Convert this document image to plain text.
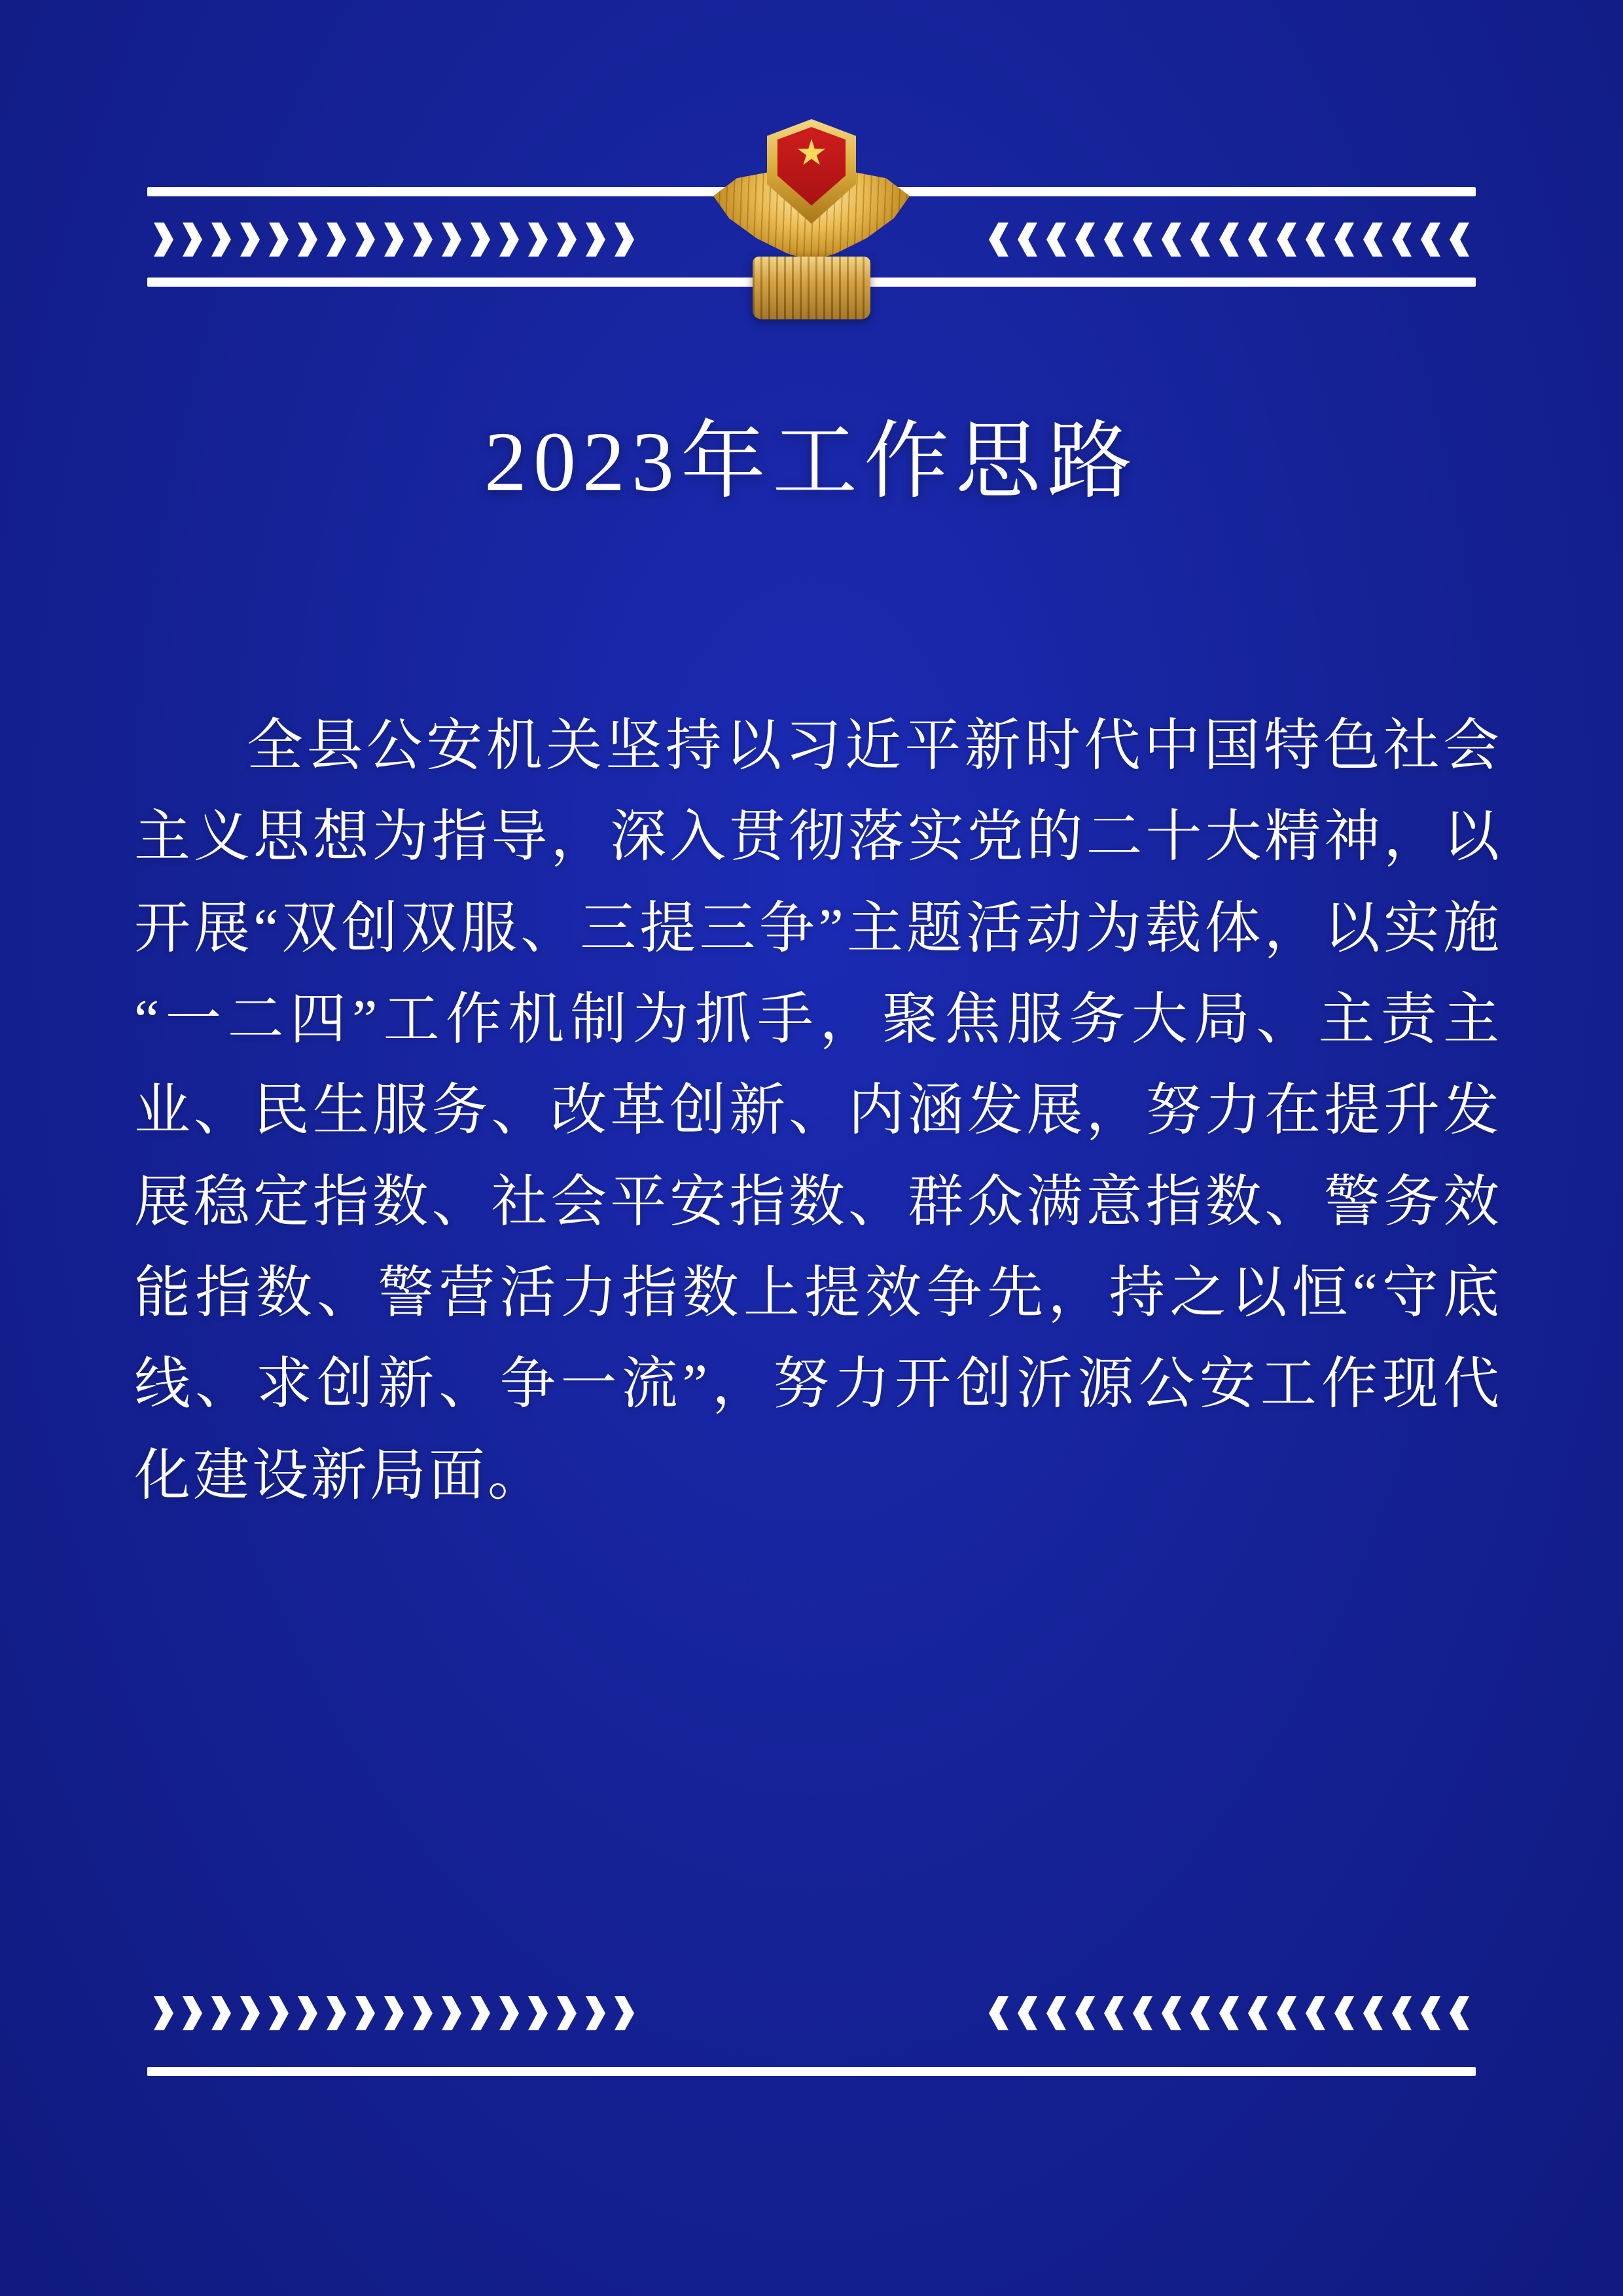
2023年工作思路
全县公安机关坚持以习近平新时代中国特色社会主义思想为指导，深入贯彻落实党的二十大精神，以开展“双创双服、三提三争”主题活动为载体，以实施“一二四”工作机制为抓手，聚焦服务大局、主责主业、民生服务、改革创新、内涵发展，努力在提升发展稳定指数、社会平安指数、群众满意指数、警务效能指数、警营活力指数上提效争先，持之以恒“守底线、求创新、争一流”，努力开创沂源公安工作现代化建设新局面。
